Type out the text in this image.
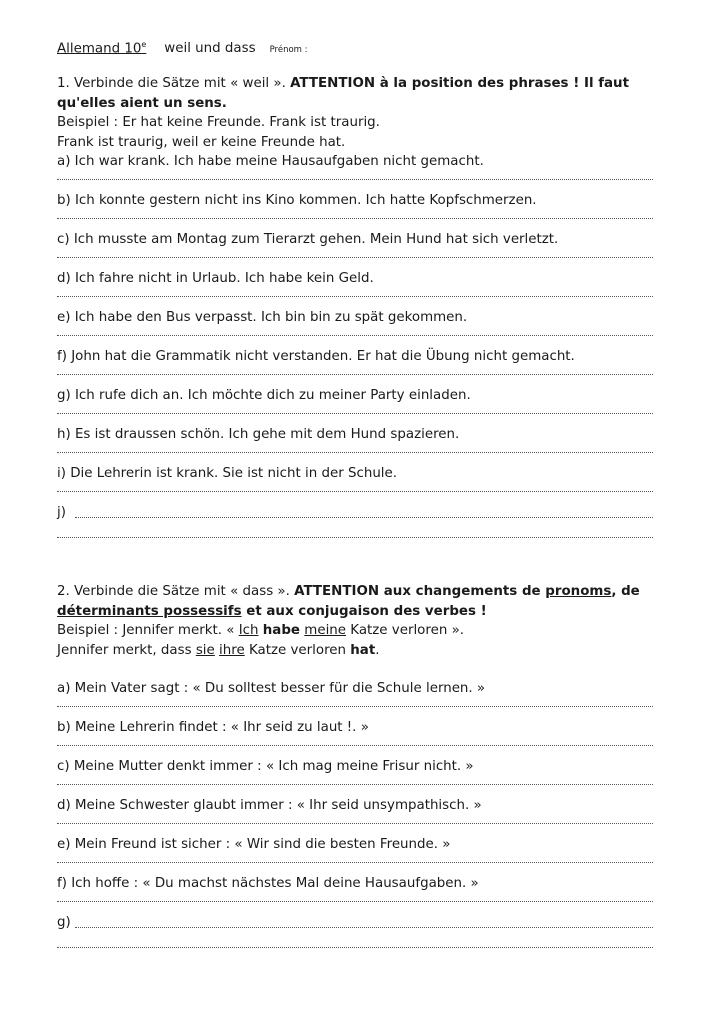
Allemand 10e weil und dass Prénom :

1. Verbinde die Sätze mit « weil ». ATTENTION à la position des phrases ! Il faut

qu'elles aient un sens.

Beispiel : Er hat keine Freunde. Frank ist traurig.

Frank ist traurig, weil er keine Freunde hat.

a) Ich war krank. Ich habe meine Hausaufgaben nicht gemacht.
b) Ich konnte gestern nicht ins Kino kommen. Ich hatte Kopfschmerzen.
c) Ich musste am Montag zum Tierarzt gehen. Mein Hund hat sich verletzt.
d) Ich fahre nicht in Urlaub. Ich habe kein Geld.
e) Ich habe den Bus verpasst. Ich bin bin zu spät gekommen.
f) John hat die Grammatik nicht verstanden. Er hat die Übung nicht gemacht.
g) Ich rufe dich an. Ich möchte dich zu meiner Party einladen.
h) Es ist draussen schön. Ich gehe mit dem Hund spazieren.
i) Die Lehrerin ist krank. Sie ist nicht in der Schule.
j)

2. Verbinde die Sätze mit « dass ». ATTENTION aux changements de pronoms, de

déterminants possessifs et aux conjugaison des verbes !

Beispiel : Jennifer merkt. « Ich habe meine Katze verloren ».

Jennifer merkt, dass sie ihre Katze verloren hat.

a) Mein Vater sagt : « Du solltest besser für die Schule lernen. »
b) Meine Lehrerin findet : « Ihr seid zu laut !. »
c) Meine Mutter denkt immer : « Ich mag meine Frisur nicht. »
d) Meine Schwester glaubt immer : « Ihr seid unsympathisch. »
e) Mein Freund ist sicher : « Wir sind die besten Freunde. »
f) Ich hoffe : « Du machst nächstes Mal deine Hausaufgaben. »
g)
